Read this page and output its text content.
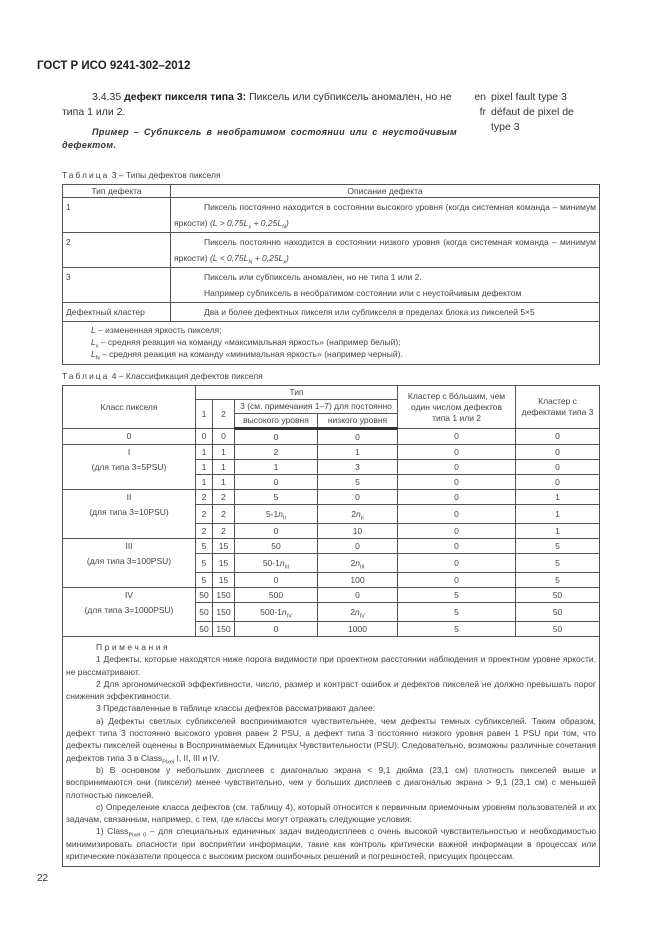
ГОСТ Р ИСО 9241-302–2012
en pixel fault type 3
fr défaut de pixel de type 3

3.4.35 дефект пикселя типа 3: Пиксель или субпиксель аномален, но не типа 1 или 2.

Пример – Субпиксель в необратимом состоянии или с неустойчивым дефектом.
Таблица 3 – Типы дефектов пикселя
Тип дефекта	Описание дефекта
1	Пиксель постоянно находится в состоянии высокого уровня (когда системная команда – минимум яркости) $(L > 0,75L_x + 0,25L_N)$
2	Пиксель постоянно находится в состоянии низкого уровня (когда системная команда – минимум яркости) $(L < 0,75L_N + 0,25L_x)$
3	Пиксель или субпиксель аномален, но не типа 1 или 2.
Например субпиксель в необратимом состоянии или с неустойчивым дефектом

Дефектный кластер	Два и более дефектных пикселя или субпикселя в пределах блока из пикселей 5×5

L – измененная яркость пикселя;
$L_x$ – средняя реакция на команду «максимальная яркость» (например белый);
$L_N$ – средняя реакция на команду «минимальная яркость» (например черный).	
Таблица 4 – Классификация дефектов пикселя
Класс пикселя	Тип				Кластер с бóльшим, чем один числом дефектов типа 1 или 2	Кластер с дефектами типа 3
	1	2	3 (см. примечания 1–7) для постоянно			
			высокого уровня	низкого уровня		

0	0	0	0	0	0	0

I
(для типа 3=5PSU)	1	1	2	1	0	0
	1	1	1	3	0	0
	1	1	0	5	0	0

II
(для типа 3=10PSU)	2	2	5	0	0	1
	2	2	$5-1n_{II}$	$2n_{II}$	0	1
	2	2	0	10	0	1

III
(для типа 3=100PSU)	5	15	50	0	0	5
	5	15	$50-1n_{III}$	$2n_{III}$	0	5
	5	15	0	100	0	5

IV
(для типа 3=1000PSU)	50	150	500	0	5	50
	50	150	$500-1n_{IV}$	$2n_{IV}$	5	50
	50	150	0	1000	5	50

Примечания

1 Дефекты, которые находятся ниже порога видимости при проектном расстоянии наблюдения и проектном уровне яркости, не рассматривают.

2 Для эргономической эффективности, число, размер и контраст ошибок и дефектов пикселей не должно превышать порог снижения эффективности.

3 Представленные в таблице классы дефектов рассматривают далее:

a) Дефекты светлых субпикселей воспринимаются чувствительнее, чем дефекты темных субпикселей. Таким образом, дефект типа 3 постоянно высокого уровня равен 2 PSU, а дефект типа 3 постоянно низкого уровня равен 1 PSU при том, что дефекты пикселей оценены в Воспринимаемых Единицах Чувствительности (PSU). Следовательно, возможны различные сочетания дефектов типа 3 в Class$_{Pixel}$ I, II, III и IV.

b) В основном у небольших дисплеев с диагональю экрана < 9,1 дюйма (23,1 см) плотность пикселей выше и воспринимаются они (пиксели) менее чувствительно, чем у больших дисплеев с диагональю экрана > 9,1 (23,1 см) с меньшей плотностью пикселей.

c) Определение класса дефектов (см. таблицу 4), который относится к первичным приемочным уровням пользователей и их задачам, связанным, например, с тем, где классы могут отражать следующие условия:

1) Class$_{Pixel 0}$ – для специальных единичных задач видеодисплеев с очень высокой чувствительностью и необходимостью минимизировать опасности при восприятии информации, такие как контроль критически важной информации в процессах или критические показатели процесса с высоким риском ошибочных решений и погрешностей, присущих процессам.

22
